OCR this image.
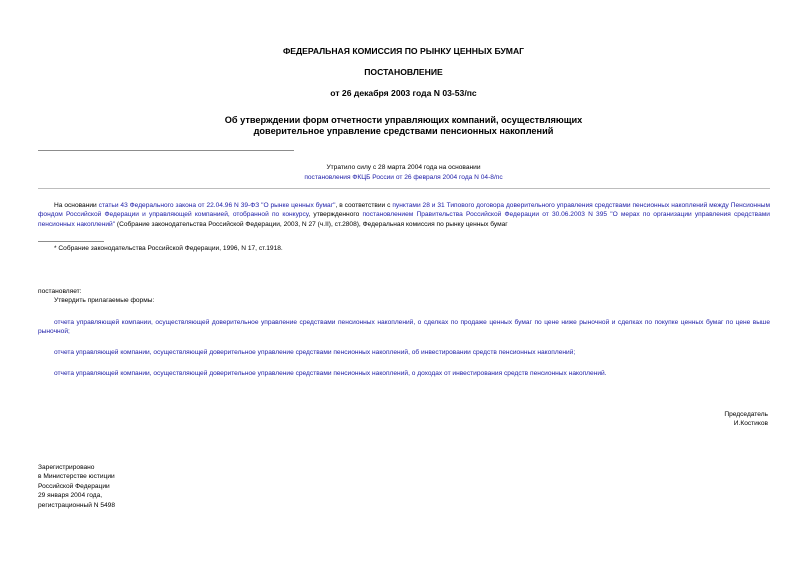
ФЕДЕРАЛЬНАЯ КОМИССИЯ ПО РЫНКУ ЦЕННЫХ БУМАГ
ПОСТАНОВЛЕНИЕ
от 26 декабря 2003 года N 03-53/пс
Об утверждении форм отчетности управляющих компаний, осуществляющих
доверительное управление средствами пенсионных накоплений
Утратило силу с 28 марта 2004 года на основании
постановления ФКЦБ России от 26 февраля 2004 года N 04-8/пс
На основании статьи 43 Федерального закона от 22.04.96 N 39-ФЗ "О рынке ценных бумаг", в соответствии с пунктами 28 и 31 Типового договора доверительного управления средствами пенсионных накоплений между Пенсионным фондом Российской Федерации и управляющей компанией, отобранной по конкурсу, утвержденного постановлением Правительства Российской Федерации от 30.06.2003 N 395 "О мерах по организации управления средствами пенсионных накоплений" (Собрание законодательства Российской Федерации, 2003, N 27 (ч.II), ст.2808), Федеральная комиссия по рынку ценных бумаг
* Собрание законодательства Российской Федерации, 1996, N 17, ст.1918.
постановляет:
Утвердить прилагаемые формы:
отчета управляющей компании, осуществляющей доверительное управление средствами пенсионных накоплений, о сделках по продаже ценных бумаг по цене ниже рыночной и сделках по покупке ценных бумаг по цене выше рыночной;
отчета управляющей компании, осуществляющей доверительное управление средствами пенсионных накоплений, об инвестировании средств пенсионных накоплений;
отчета управляющей компании, осуществляющей доверительное управление средствами пенсионных накоплений, о доходах от инвестирования средств пенсионных накоплений.
Председатель
И.Костиков
Зарегистрировано
в Министерстве юстиции
Российской Федерации
29 января 2004 года,
регистрационный N 5498
